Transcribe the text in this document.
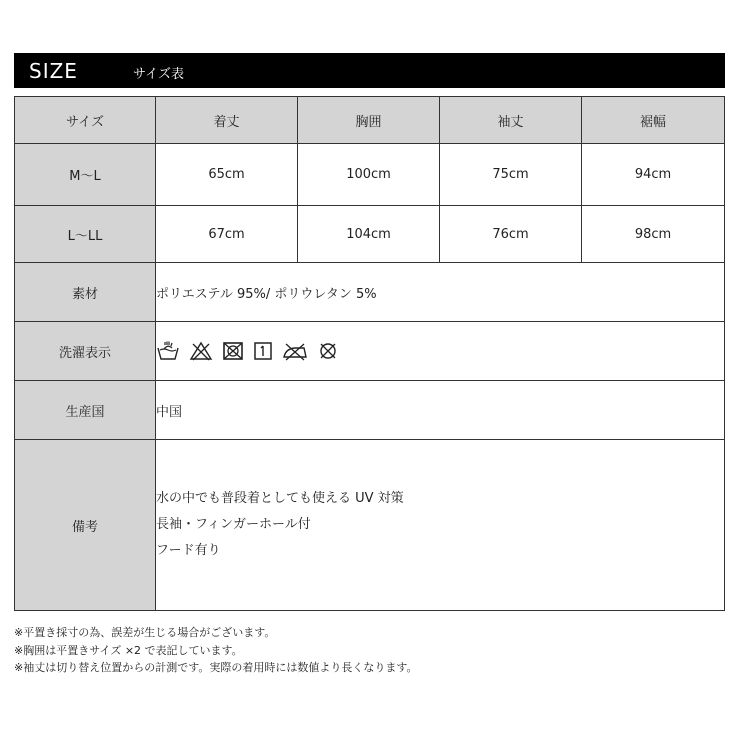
SIZE	サイズ表
サイズ	着丈	胸囲	袖丈	裾幅
M～L	65cm	100cm	75cm	94cm
L～LL	67cm	104cm	76cm	98cm
素材	ポリエステル 95%/ ポリウレタン 5%			
洗濯表示	

生産国	中国			
備考	水の中でも普段着としても使える UV 対策
長袖・フィンガーホール付
フード有り			
※平置き採寸の為、誤差が生じる場合がございます。
※胸囲は平置きサイズ ×2 で表記しています。
※袖丈は切り替え位置からの計測です。実際の着用時には数値より長くなります。
